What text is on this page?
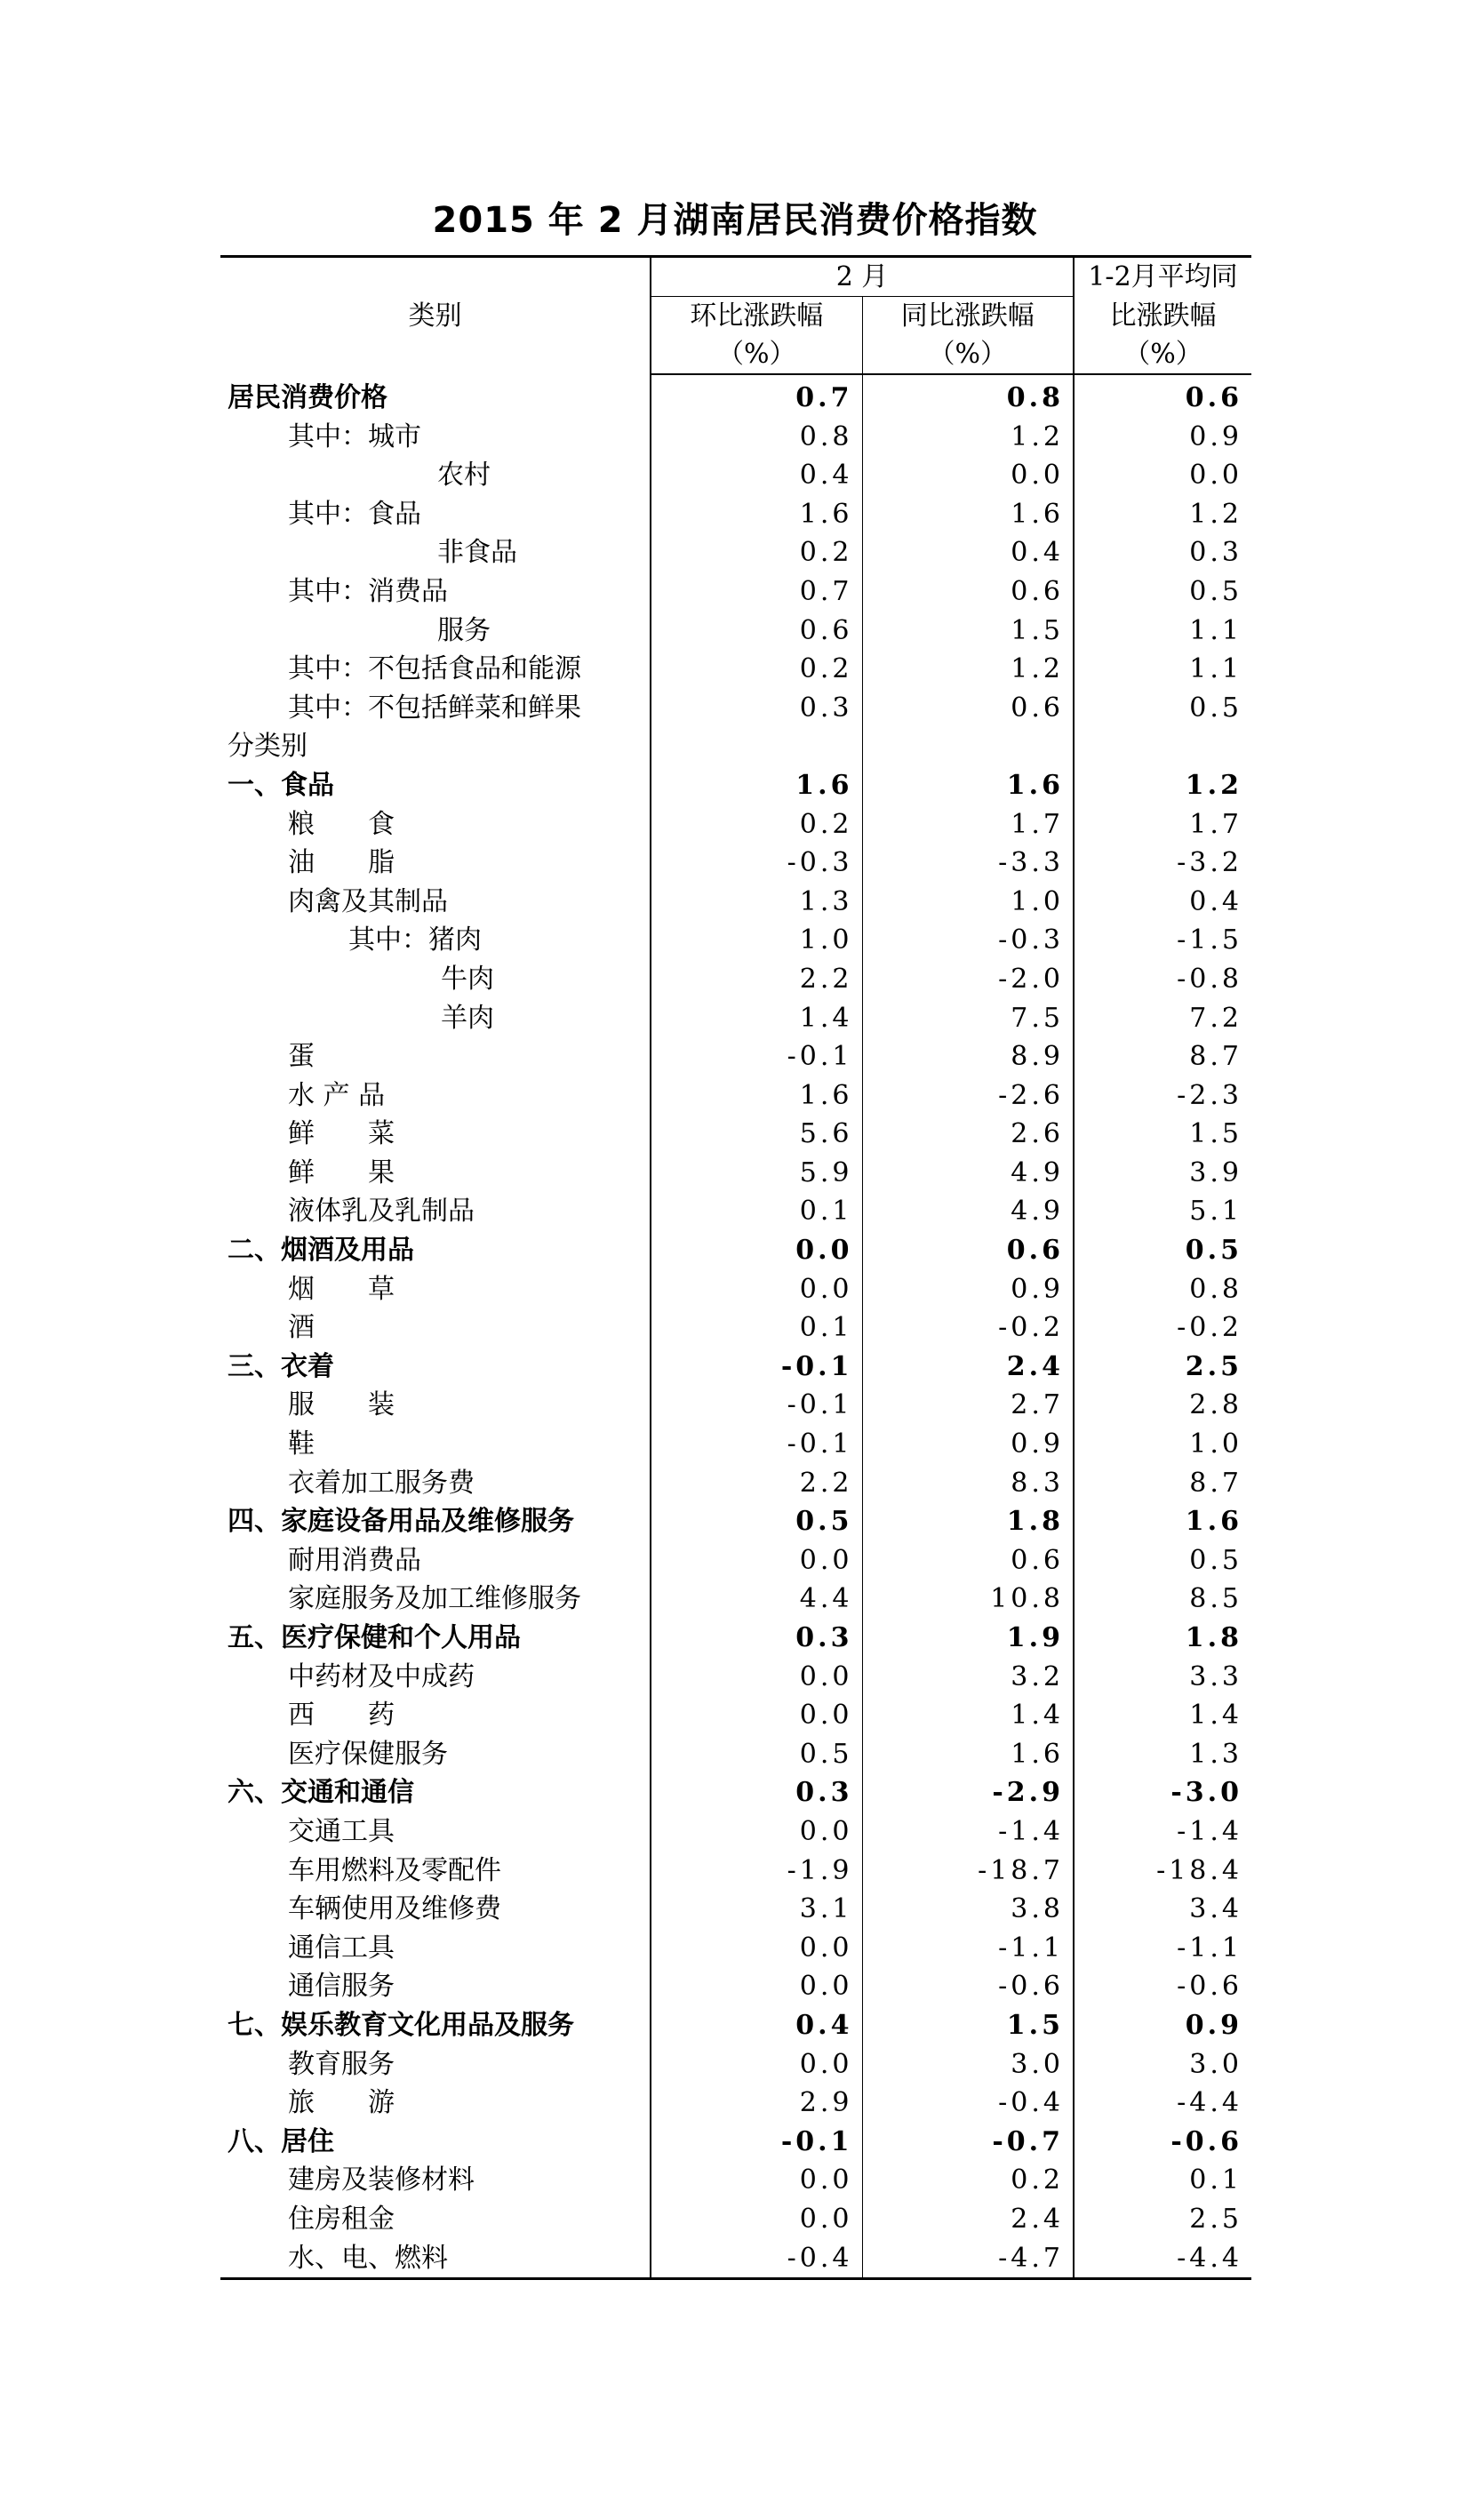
2015 年 2 月湖南居民消费价格指数
类别	2 月		1-2月平均同
	环比涨跌幅	同比涨跌幅	比涨跌幅
	（%）	（%）	（%）
居民消费价格	0.7	0.8	0.6
其中：城市	0.8	1.2	0.9
农村	0.4	0.0	0.0
其中：食品	1.6	1.6	1.2
非食品	0.2	0.4	0.3
其中：消费品	0.7	0.6	0.5
服务	0.6	1.5	1.1
其中：不包括食品和能源	0.2	1.2	1.1
其中：不包括鲜菜和鲜果	0.3	0.6	0.5
分类别			
一、食品	1.6	1.6	1.2
粮　　食	0.2	1.7	1.7
油　　脂	-0.3	-3.3	-3.2
肉禽及其制品	1.3	1.0	0.4
其中：猪肉	1.0	-0.3	-1.5
牛肉	2.2	-2.0	-0.8
羊肉	1.4	7.5	7.2
蛋	-0.1	8.9	8.7
水 产 品	1.6	-2.6	-2.3
鲜　　菜	5.6	2.6	1.5
鲜　　果	5.9	4.9	3.9
液体乳及乳制品	0.1	4.9	5.1
二、烟酒及用品	0.0	0.6	0.5
烟　　草	0.0	0.9	0.8
酒	0.1	-0.2	-0.2
三、衣着	-0.1	2.4	2.5
服　　装	-0.1	2.7	2.8
鞋	-0.1	0.9	1.0
衣着加工服务费	2.2	8.3	8.7
四、家庭设备用品及维修服务	0.5	1.8	1.6
耐用消费品	0.0	0.6	0.5
家庭服务及加工维修服务	4.4	10.8	8.5
五、医疗保健和个人用品	0.3	1.9	1.8
中药材及中成药	0.0	3.2	3.3
西　　药	0.0	1.4	1.4
医疗保健服务	0.5	1.6	1.3
六、交通和通信	0.3	-2.9	-3.0
交通工具	0.0	-1.4	-1.4
车用燃料及零配件	-1.9	-18.7	-18.4
车辆使用及维修费	3.1	3.8	3.4
通信工具	0.0	-1.1	-1.1
通信服务	0.0	-0.6	-0.6
七、娱乐教育文化用品及服务	0.4	1.5	0.9
教育服务	0.0	3.0	3.0
旅　　游	2.9	-0.4	-4.4
八、居住	-0.1	-0.7	-0.6
建房及装修材料	0.0	0.2	0.1
住房租金	0.0	2.4	2.5
水、电、燃料	-0.4	-4.7	-4.4
